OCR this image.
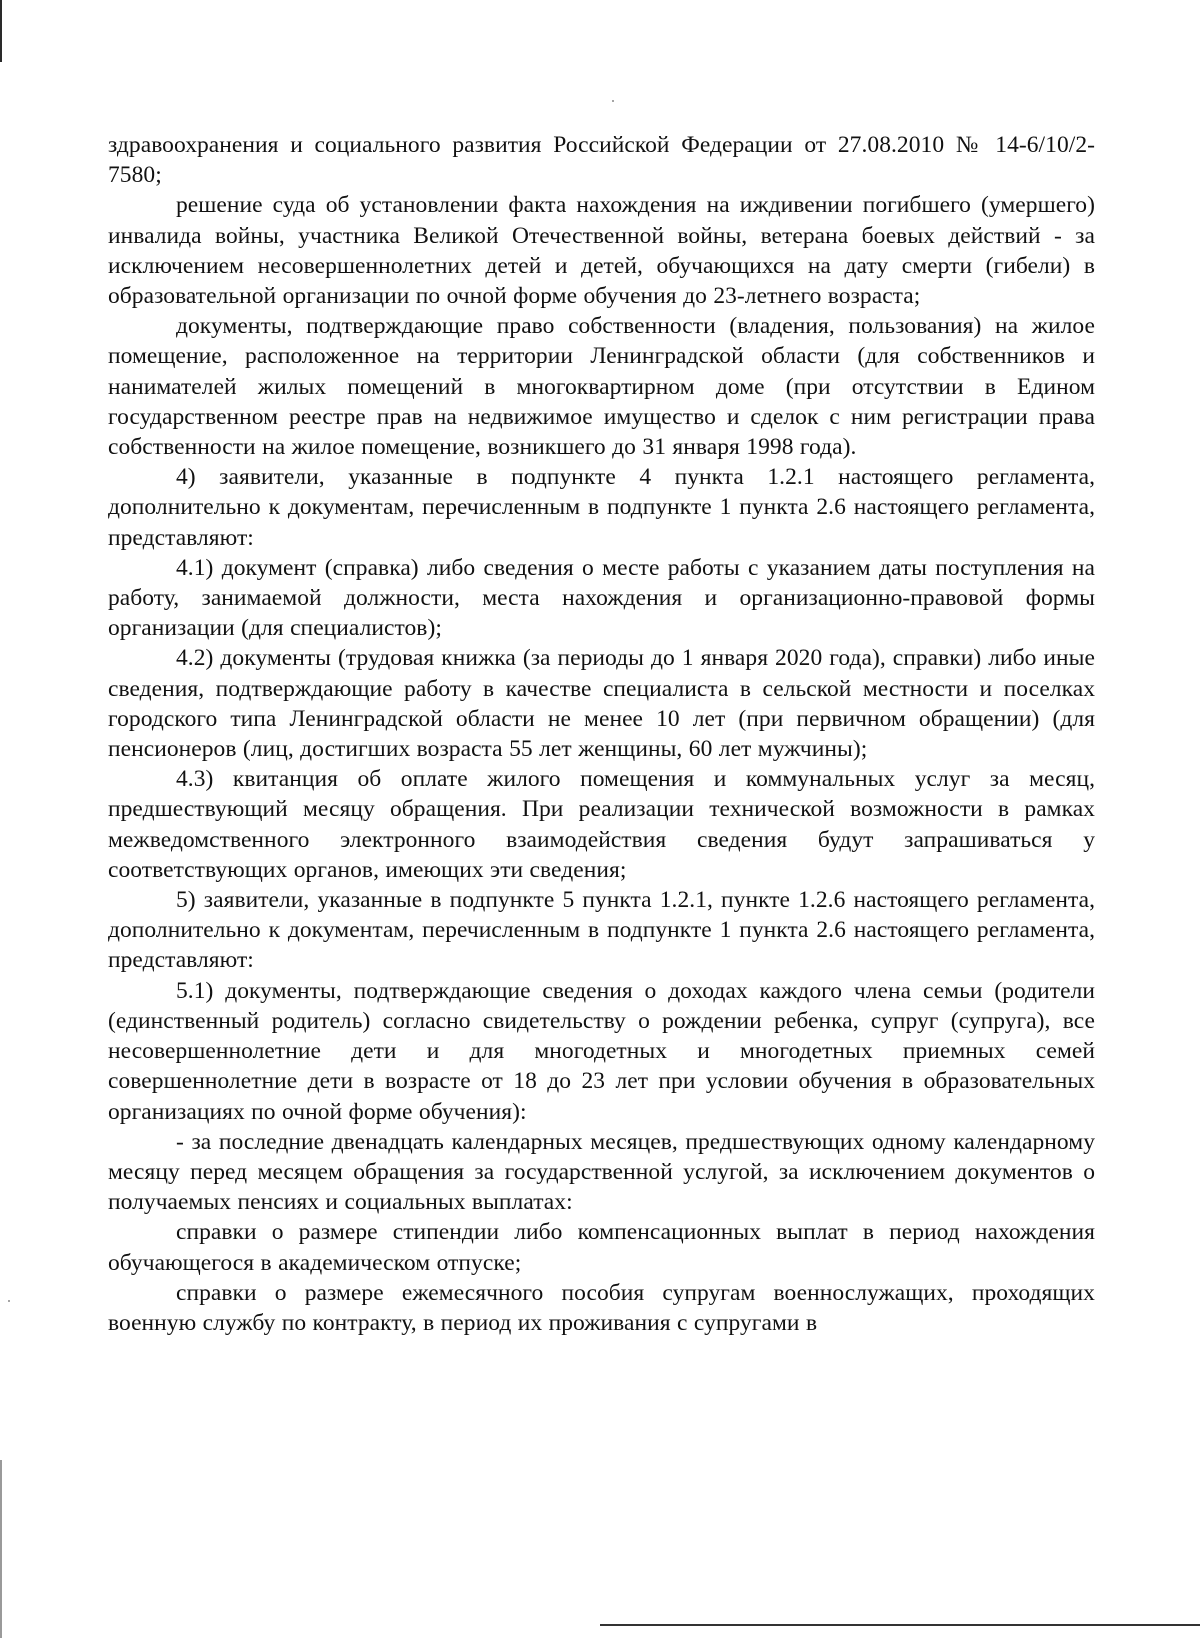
здравоохранения и социального развития Российской Федерации от 27.08.2010 № 14-6/10/2-7580;

решение суда об установлении факта нахождения на иждивении погибшего (умершего) инвалида войны, участника Великой Отечественной войны, ветерана боевых действий - за исключением несовершеннолетних детей и детей, обучающихся на дату смерти (гибели) в образовательной организации по очной форме обучения до 23-летнего возраста;

документы, подтверждающие право собственности (владения, пользования) на жилое помещение, расположенное на территории Ленинградской области (для собственников и нанимателей жилых помещений в многоквартирном доме (при отсутствии в Едином государственном реестре прав на недвижимое имущество и сделок с ним регистрации права собственности на жилое помещение, возникшего до 31 января 1998 года).

4) заявители, указанные в подпункте 4 пункта 1.2.1 настоящего регламента, дополнительно к документам, перечисленным в подпункте 1 пункта 2.6 настоящего регламента, представляют:

4.1) документ (справка) либо сведения о месте работы с указанием даты поступления на работу, занимаемой должности, места нахождения и организационно-правовой формы организации (для специалистов);

4.2) документы (трудовая книжка (за периоды до 1 января 2020 года), справки) либо иные сведения, подтверждающие работу в качестве специалиста в сельской местности и поселках городского типа Ленинградской области не менее 10 лет (при первичном обращении) (для пенсионеров (лиц, достигших возраста 55 лет женщины, 60 лет мужчины);

4.3) квитанция об оплате жилого помещения и коммунальных услуг за месяц, предшествующий месяцу обращения. При реализации технической возможности в рамках межведомственного электронного взаимодействия сведения будут запрашиваться у соответствующих органов, имеющих эти сведения;

5) заявители, указанные в подпункте 5 пункта 1.2.1, пункте 1.2.6 настоящего регламента, дополнительно к документам, перечисленным в подпункте 1 пункта 2.6 настоящего регламента, представляют:

5.1) документы, подтверждающие сведения о доходах каждого члена семьи (родители (единственный родитель) согласно свидетельству о рождении ребенка, супруг (супруга), все несовершеннолетние дети и для многодетных и многодетных приемных семей совершеннолетние дети в возрасте от 18 до 23 лет при условии обучения в образовательных организациях по очной форме обучения):

- за последние двенадцать календарных месяцев, предшествующих одному календарному месяцу перед месяцем обращения за государственной услугой, за исключением документов о получаемых пенсиях и социальных выплатах:

справки о размере стипендии либо компенсационных выплат в период нахождения обучающегося в академическом отпуске;

справки о размере ежемесячного пособия супругам военнослужащих, проходящих военную службу по контракту, в период их проживания с супругами в
